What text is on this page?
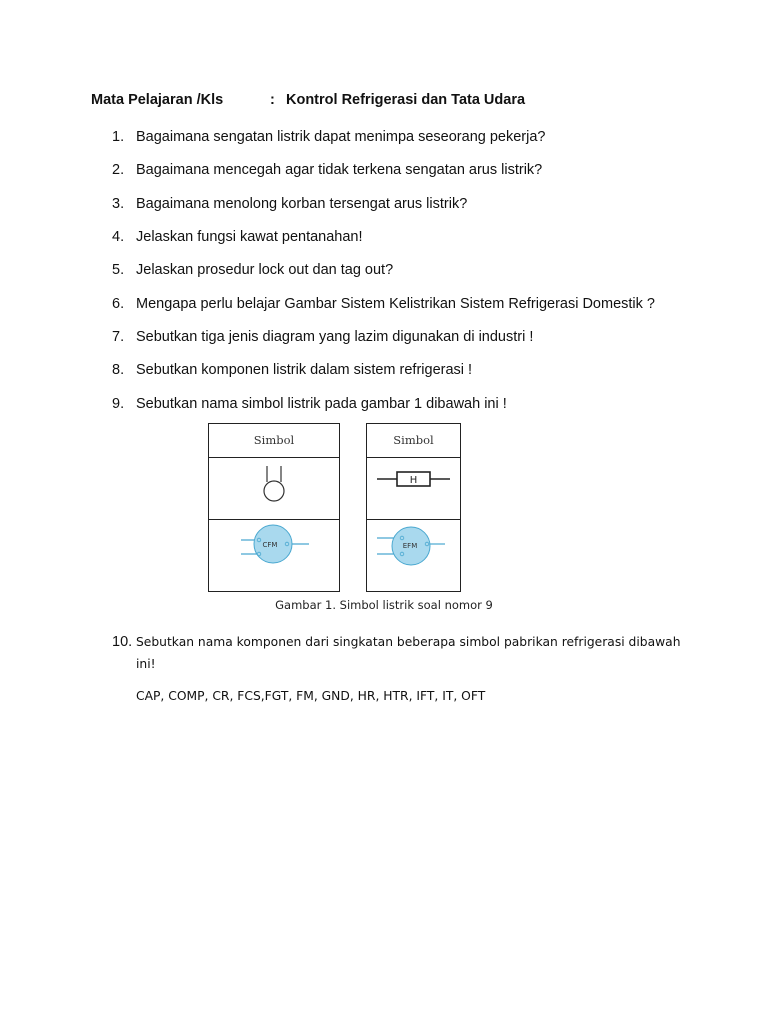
Mata Pelajaran /Kls	: Kontrol Refrigerasi dan Tata Udara
1. Bagaimana sengatan listrik dapat menimpa seseorang pekerja?
2. Bagaimana mencegah agar tidak terkena sengatan arus listrik?
3. Bagaimana menolong korban tersengat arus listrik?
4. Jelaskan fungsi kawat pentanahan!
5. Jelaskan prosedur lock out dan tag out?
6. Mengapa perlu belajar Gambar Sistem Kelistrikan Sistem Refrigerasi Domestik ?
7. Sebutkan tiga jenis diagram yang lazim digunakan di industri !
8. Sebutkan komponen listrik dalam sistem refrigerasi !
9. Sebutkan nama simbol listrik pada gambar 1 dibawah ini !
Simbol
CFM
Simbol
H
EFM
Gambar 1. Simbol listrik soal nomor 9
10. Sebutkan nama komponen dari singkatan beberapa simbol pabrikan refrigerasi dibawah ini!
CAP, COMP, CR, FCS,FGT, FM, GND, HR, HTR, IFT, IT, OFT
